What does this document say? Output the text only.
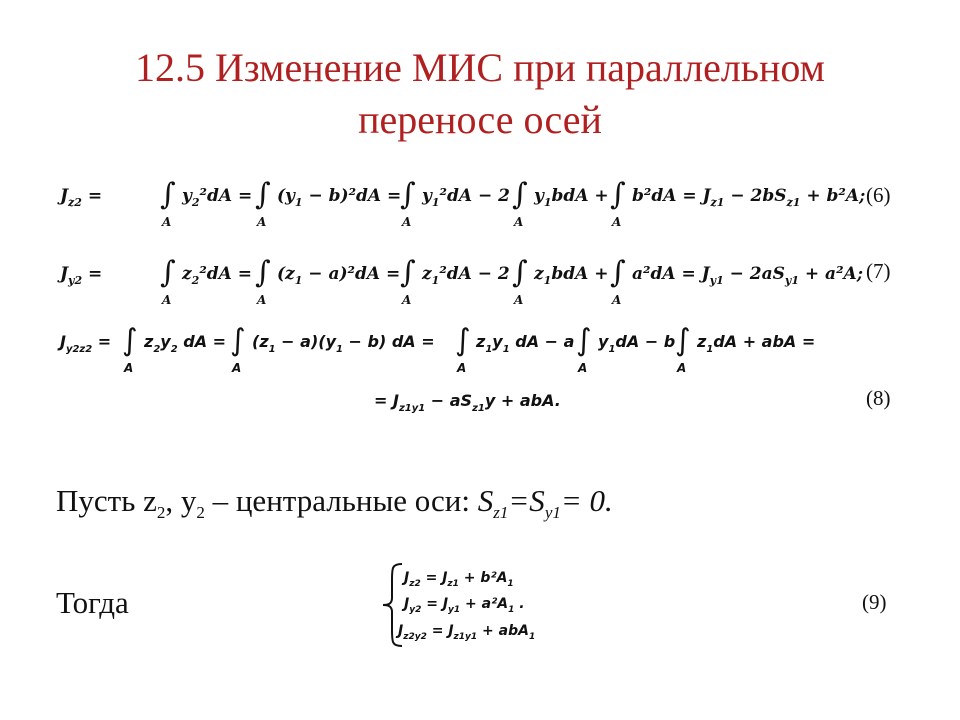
12.5 Изменение МИС при параллельном
переносе осей
$J_{z2}$ = ∫
A
$y_2^2dA$ = ∫
A
$(y_1 - b)^2dA$ =
∫
A
$y_1^2dA - 2$ ∫
A
$y_1bdA$ + ∫
A
$b^2dA = J_{z1} - 2bS_{z1} + b^2A$; (6)
$J_{y2}$ = ∫
A
$z_2^2dA$ = ∫
A
$(z_1 - a)^2dA$ = ∫
A
$z_1^2dA - 2$ ∫
A
$z_1bdA$ + ∫
A
$a^2dA = J_{y1} - 2aS_{y1} + a^2A$; (7)
$J_{y2z2}$ = ∫
A
$z_2y_2$ dA = ∫
A
$(z_1 - a)(y_1 - b)$ dA = ∫
A
$z_1y_1$ dA − a ∫
A
$y_1dA - b$ ∫
A
$z_1dA$ + abA =
= $J_{z1y1} - aS_{z1}y$ + abA.	(8)
Пусть $z_2$, $y_2$ – центральные оси: $S_{z1}=S_{y1}= 0$.
Тогда
$J_{z2} = J_{z1} + b^2A_1$
$J_{y2} = J_{y1} + a^2A_1$ .
$J_{z2y2} = J_{z1y1} + abA_1$
(9)
